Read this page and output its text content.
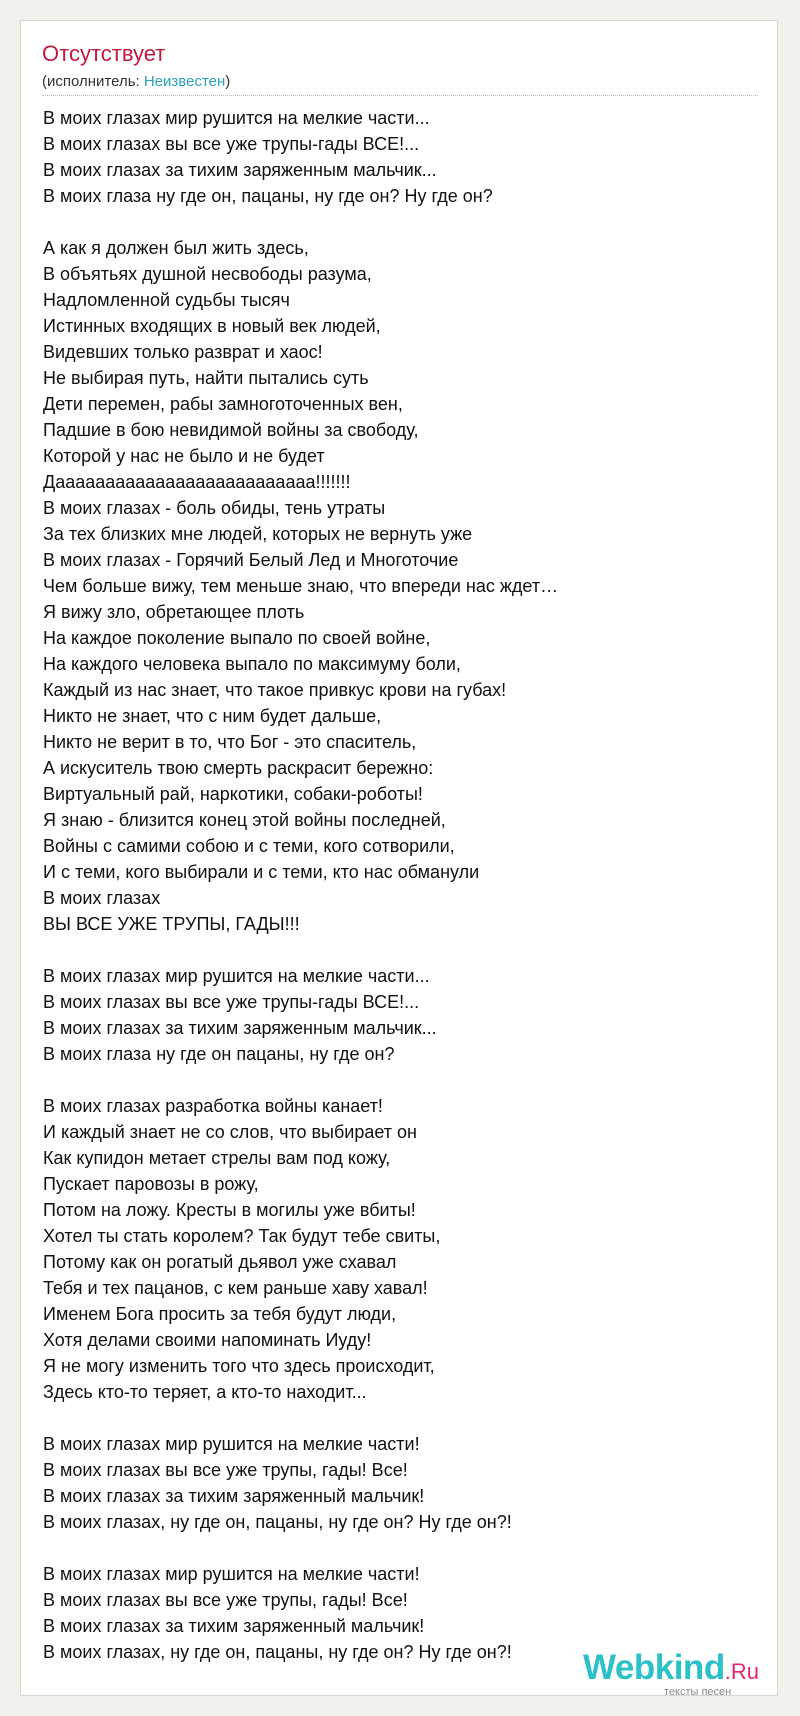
Отсутствует
(исполнитель: Неизвестен)
В моих глазах мир рушится на мелкие части...
В моих глазах вы все уже трупы-гады ВСЕ!...
В моих глазах за тихим заряженным мальчик...
В моих глаза ну где он, пацаны, ну где он? Ну где он?
А как я должен был жить здесь,
В объятьях душной несвободы разума,
Надломленной судьбы тысяч
Истинных входящих в новый век людей,
Видевших только разврат и хаос!
Не выбирая путь, найти пытались суть
Дети перемен, рабы замноготоченных вен,
Падшие в бою невидимой войны за свободу,
Которой у нас не было и не будет
Даааааааааааааааааааааааааа!!!!!!!
В моих глазах - боль обиды, тень утраты
За тех близких мне людей, которых не вернуть уже
В моих глазах - Горячий Белый Лед и Многоточие
Чем больше вижу, тем меньше знаю, что впереди нас ждет…
Я вижу зло, обретающее плоть
На каждое поколение выпало по своей войне,
На каждого человека выпало по максимуму боли,
Каждый из нас знает, что такое привкус крови на губах!
Никто не знает, что с ним будет дальше,
Никто не верит в то, что Бог - это спаситель,
А искуситель твою смерть раскрасит бережно:
Виртуальный рай, наркотики, собаки-роботы!
Я знаю - близится конец этой войны последней,
Войны с самими собою и с теми, кого сотворили,
И с теми, кого выбирали и с теми, кто нас обманули
В моих глазах
ВЫ ВСЕ УЖЕ ТРУПЫ, ГАДЫ!!!
В моих глазах мир рушится на мелкие части...
В моих глазах вы все уже трупы-гады ВСЕ!...
В моих глазах за тихим заряженным мальчик...
В моих глаза ну где он пацаны, ну где он?
В моих глазах разработка войны канает!
И каждый знает не со слов, что выбирает он
Как купидон метает стрелы вам под кожу,
Пускает паровозы в рожу,
Потом на ложу. Кресты в могилы уже вбиты!
Хотел ты стать королем? Так будут тебе свиты,
Потому как он рогатый дьявол уже схавал
Тебя и тех пацанов, с кем раньше хаву хавал!
Именем Бога просить за тебя будут люди,
Хотя делами своими напоминать Иуду!
Я не могу изменить того что здесь происходит,
Здесь кто-то теряет, а кто-то находит...
В моих глазах мир рушится на мелкие части!
В моих глазах вы все уже трупы, гады! Все!
В моих глазах за тихим заряженный мальчик!
В моих глазах, ну где он, пацаны, ну где он? Ну где он?!
В моих глазах мир рушится на мелкие части!
В моих глазах вы все уже трупы, гады! Все!
В моих глазах за тихим заряженный мальчик!
В моих глазах, ну где он, пацаны, ну где он? Ну где он?!	Webkind.Ru
тексты песен
